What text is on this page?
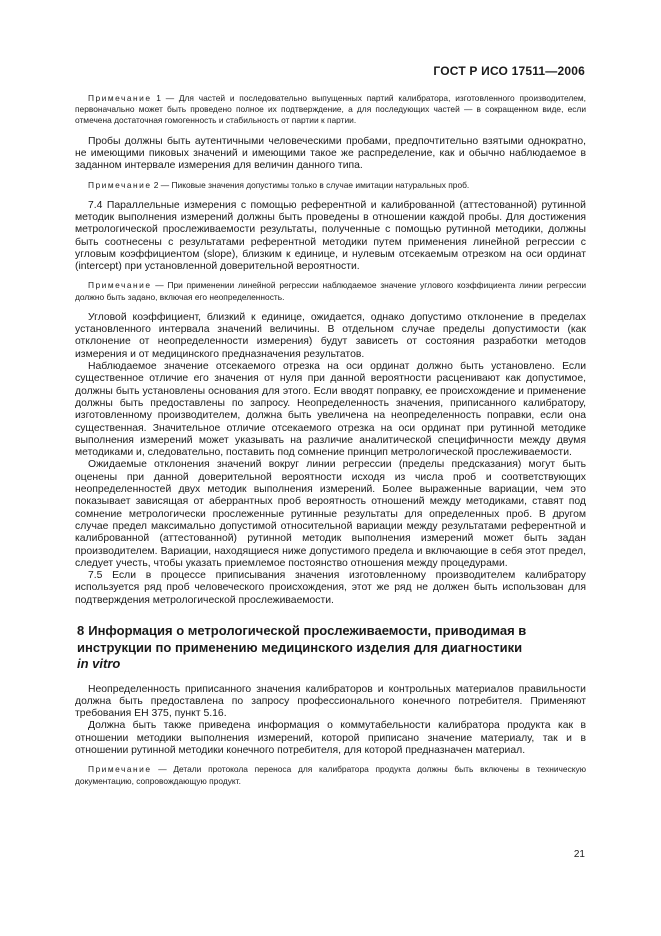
ГОСТ Р ИСО 17511—2006

Примечание 1 — Для частей и последовательно выпущенных партий калибратора, изготовленного производителем, первоначально может быть проведено полное их подтверждение, а для последующих частей — в сокращенном виде, если отмечена достаточная гомогенность и стабильность от партии к партии.

Пробы должны быть аутентичными человеческими пробами, предпочтительно взятыми однократно, не имеющими пиковых значений и имеющими такое же распределение, как и обычно наблюдаемое в заданном интервале измерения для величин данного типа.

Примечание 2 — Пиковые значения допустимы только в случае имитации натуральных проб.

7.4 Параллельные измерения с помощью референтной и калиброванной (аттестованной) рутинной методик выполнения измерений должны быть проведены в отношении каждой пробы. Для достижения метрологической прослеживаемости результаты, полученные с помощью рутинной методики, должны быть соотнесены с результатами референтной методики путем применения линейной регрессии с угловым коэффициентом (slope), близким к единице, и нулевым отсекаемым отрезком на оси ординат (intercept) при установленной доверительной вероятности.

Примечание — При применении линейной регрессии наблюдаемое значение углового коэффициента линии регрессии должно быть задано, включая его неопределенность.

Угловой коэффициент, близкий к единице, ожидается, однако допустимо отклонение в пределах установленного интервала значений величины. В отдельном случае пределы допустимости (как отклонение от неопределенности измерения) будут зависеть от состояния разработки методов измерения и от медицинского предназначения результатов.

Наблюдаемое значение отсекаемого отрезка на оси ординат должно быть установлено. Если существенное отличие его значения от нуля при данной вероятности расценивают как допустимое, должны быть установлены основания для этого. Если вводят поправку, ее происхождение и применение должны быть предоставлены по запросу. Неопределенность значения, приписанного калибратору, изготовленному производителем, должна быть увеличена на неопределенность поправки, если она существенная. Значительное отличие отсекаемого отрезка на оси ординат при рутинной методике выполнения измерений может указывать на различие аналитической специфичности между двумя методиками и, следовательно, поставить под сомнение принцип метрологической прослеживаемости.

Ожидаемые отклонения значений вокруг линии регрессии (пределы предсказания) могут быть оценены при данной доверительной вероятности исходя из числа проб и соответствующих неопределенностей двух методик выполнения измерений. Более выраженные вариации, чем это показывает зависящая от аберрантных проб вероятность отношений между методиками, ставят под сомнение метрологически прослеженные рутинные результаты для определенных проб. В другом случае предел максимально допустимой относительной вариации между результатами референтной и калиброванной (аттестованной) рутинной методик выполнения измерений может быть задан производителем. Вариации, находящиеся ниже допустимого предела и включающие в себя этот предел, следует учесть, чтобы указать приемлемое постоянство отношения между процедурами.

7.5 Если в процессе приписывания значения изготовленному производителем калибратору используется ряд проб человеческого происхождения, этот же ряд не должен быть использован для подтверждения метрологической прослеживаемости.

8 Информация о метрологической прослеживаемости, приводимая в инструкции по применению медицинского изделия для диагностики
in vitro

Неопределенность приписанного значения калибраторов и контрольных материалов правильности должна быть предоставлена по запросу профессионального конечного потребителя. Применяют требования ЕН 375, пункт 5.16.

Должна быть также приведена информация о коммутабельности калибратора продукта как в отношении методики выполнения измерений, которой приписано значение материалу, так и в отношении рутинной методики конечного потребителя, для которой предназначен материал.

Примечание — Детали протокола переноса для калибратора продукта должны быть включены в техническую документацию, сопровождающую продукт.

21
